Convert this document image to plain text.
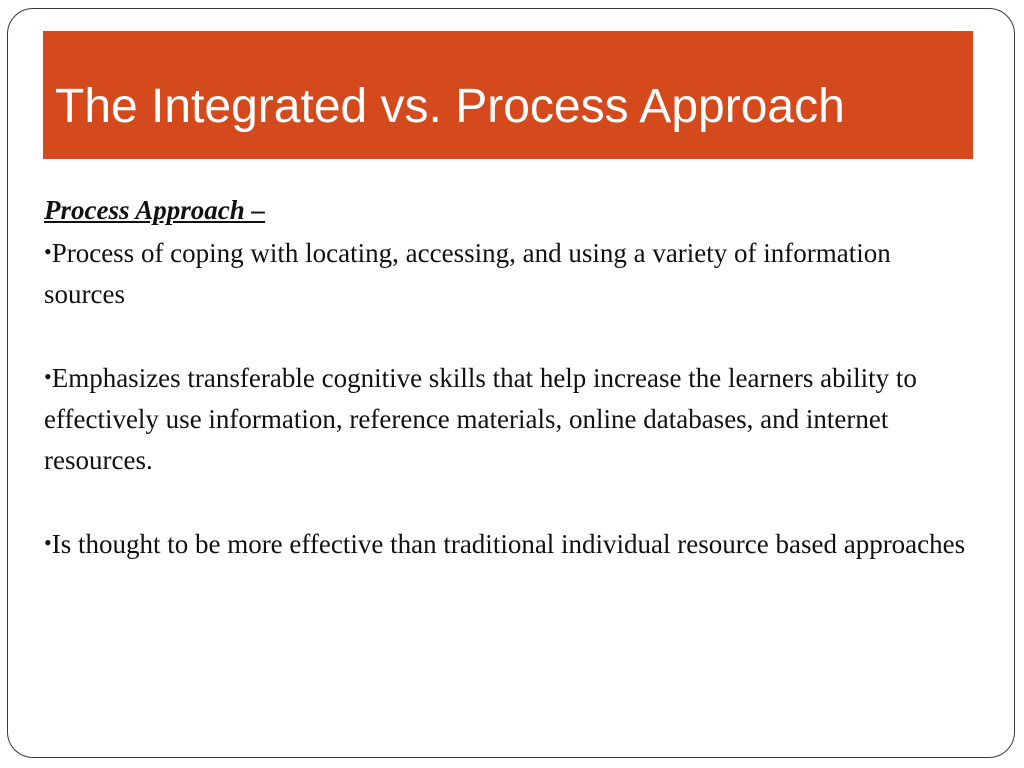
The Integrated vs. Process Approach

Process Approach –

•Process of coping with locating, accessing, and using a variety of information sources

•Emphasizes transferable cognitive skills that help increase the learners ability to effectively use information, reference materials, online databases, and internet resources.

•Is thought to be more effective than traditional individual resource based approaches
